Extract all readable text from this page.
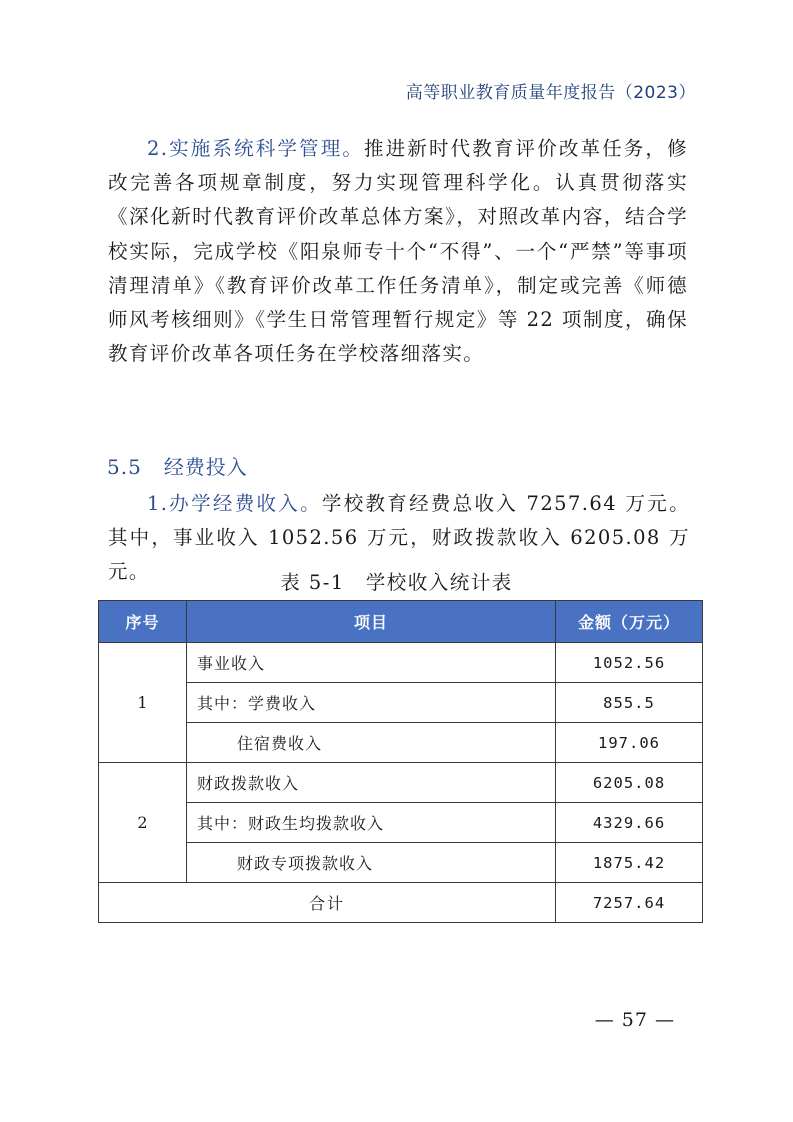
高等职业教育质量年度报告（2023）

2.实施系统科学管理。推进新时代教育评价改革任务，修改完善各项规章制度，努力实现管理科学化。认真贯彻落实《深化新时代教育评价改革总体方案》，对照改革内容，结合学校实际，完成学校《阳泉师专十个“不得”、一个“严禁”等事项清理清单》《教育评价改革工作任务清单》，制定或完善《师德师风考核细则》《学生日常管理暂行规定》等 22 项制度，确保教育评价改革各项任务在学校落细落实。

5.5 经费投入

1.办学经费收入。学校教育经费总收入 7257.64 万元。其中，事业收入 1052.56 万元，财政拨款收入 6205.08 万元。	表 5-1　学校收入统计表
序号	项目	金额（万元）
1	事业收入	1052.56
	其中：学费收入	855.5
	住宿费收入	197.06
2	财政拨款收入	6205.08
	其中：财政生均拨款收入	4329.66
	财政专项拨款收入	1875.42
合计		7257.64
— 57 —
